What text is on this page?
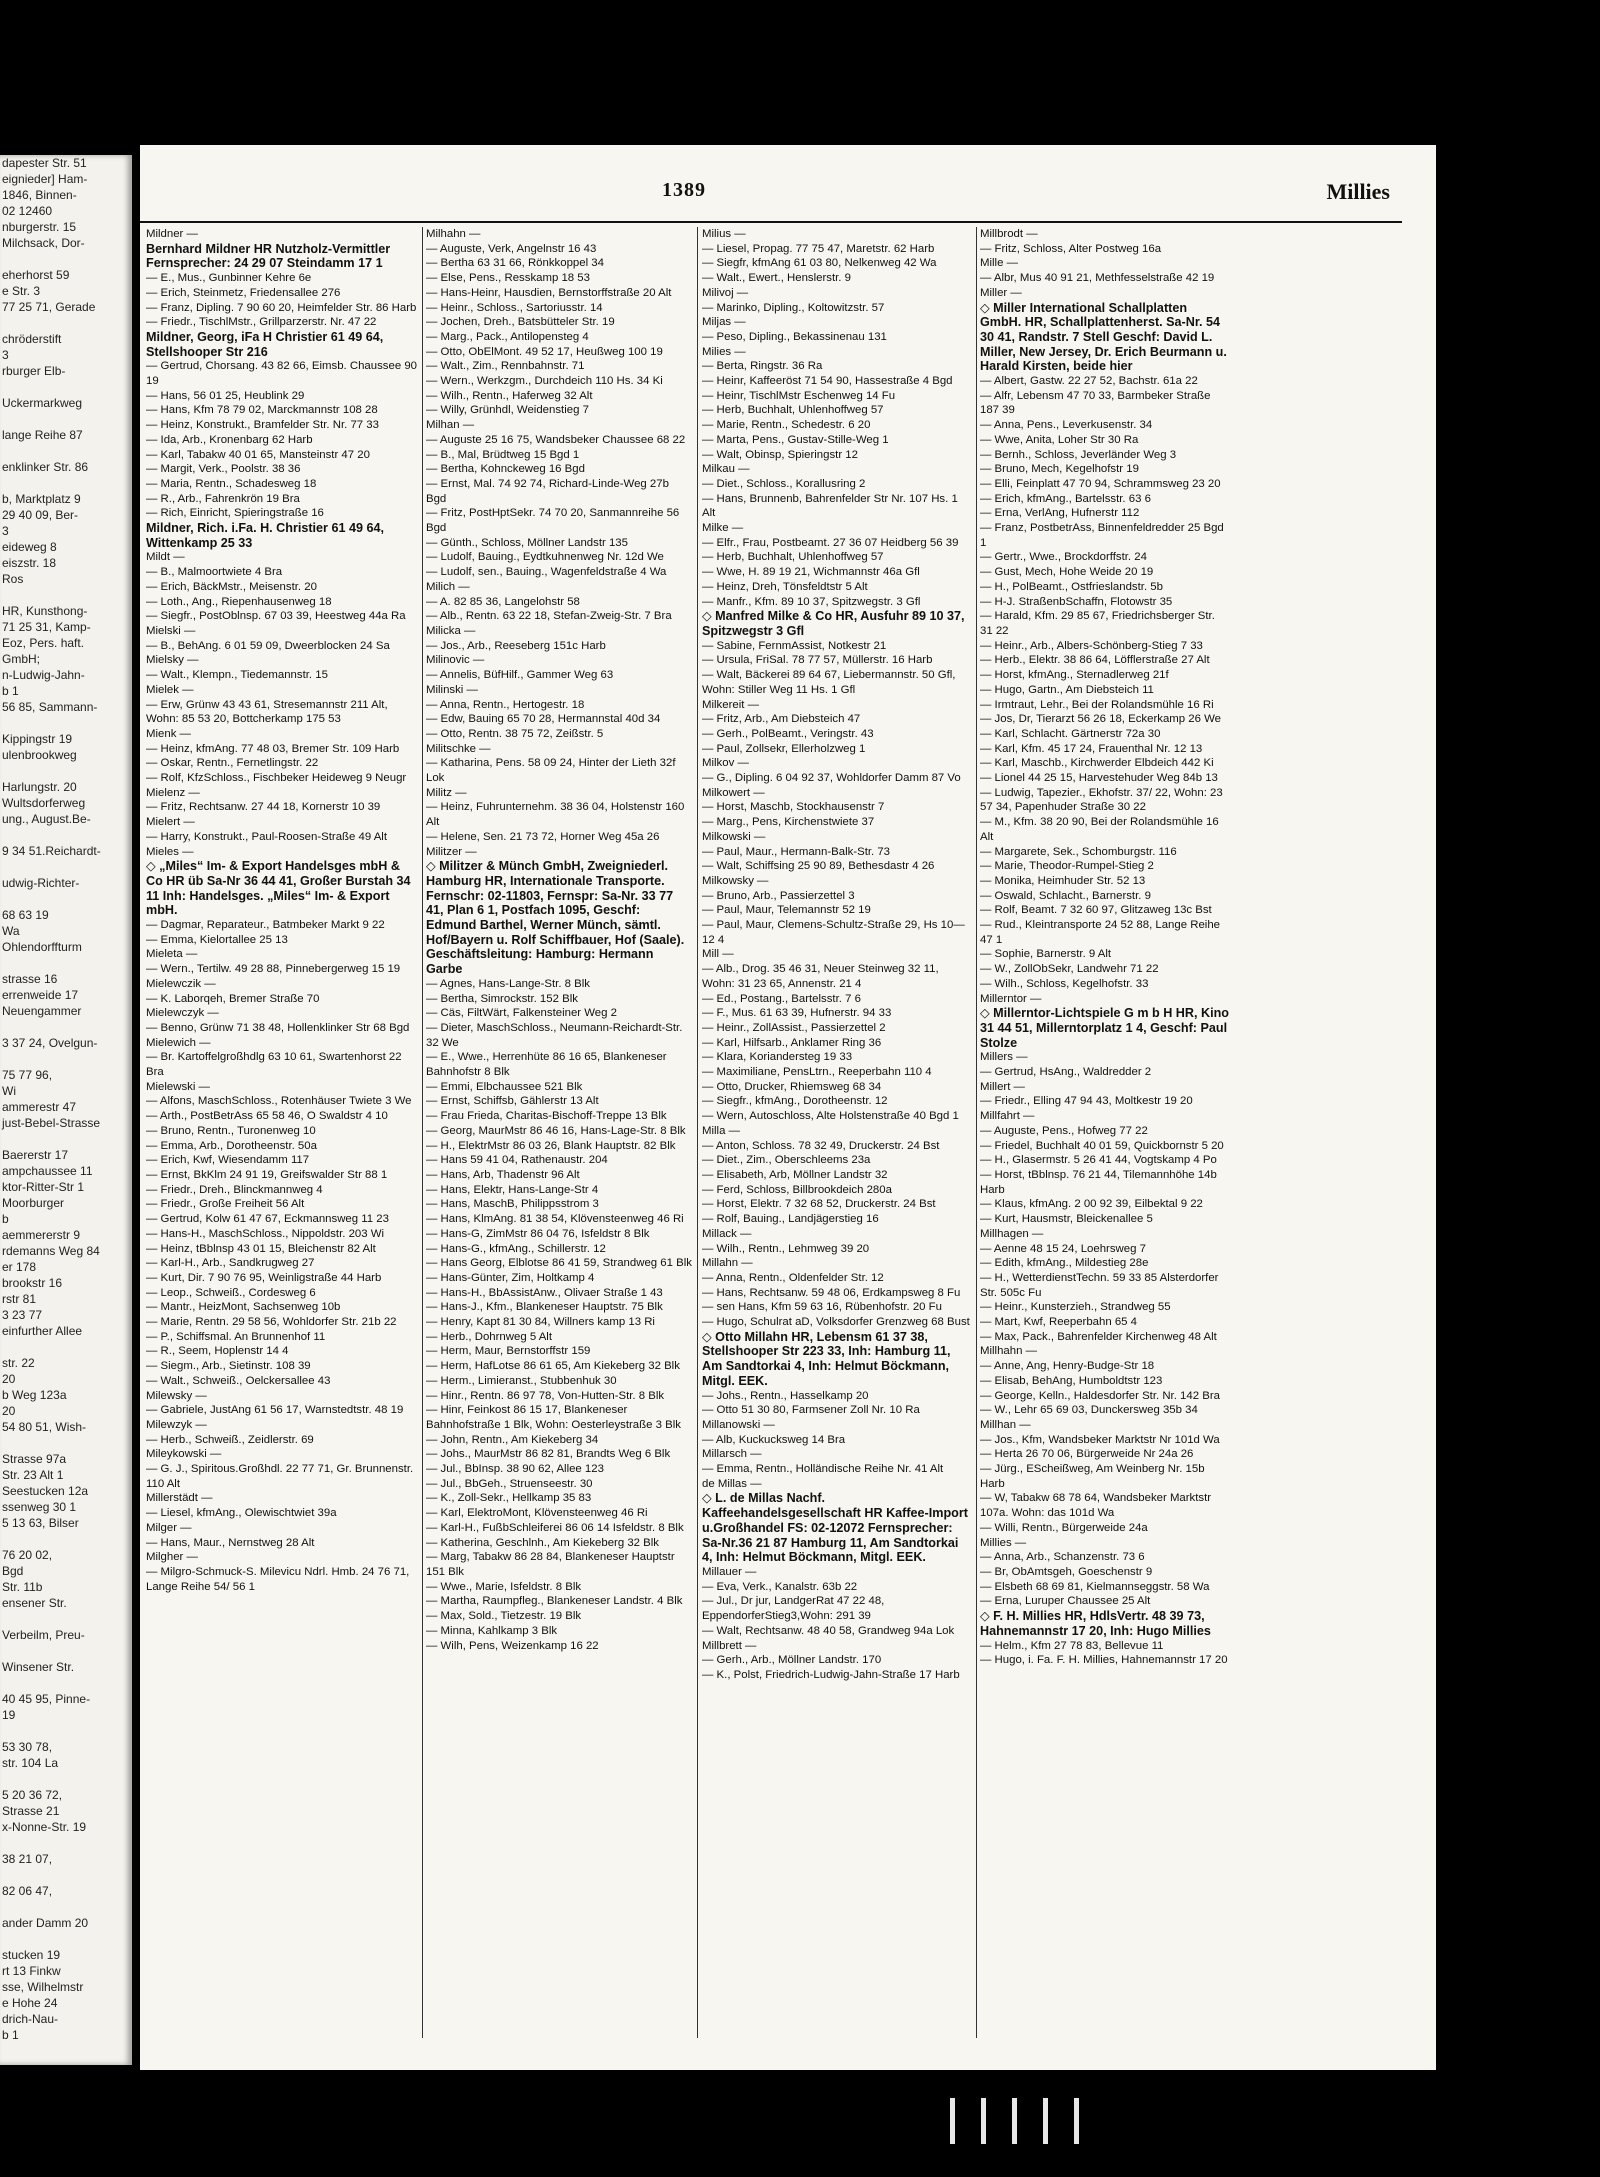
dapester Str. 51
eignieder] Ham-
1846, Binnen-
02 12460
nburgerstr. 15
Milchsack, Dor-

eherhorst 59
e Str. 3
77 25 71, Gerade

chröderstift
3
rburger Elb-

Uckermarkweg

lange Reihe 87

enklinker Str. 86

b, Marktplatz 9
29 40 09, Ber-
3
eideweg 8
eiszstr. 18
Ros

HR, Kunsthong-
71 25 31, Kamp-
Eoz, Pers. haft.
GmbH;
n-Ludwig-Jahn-
b 1
56 85, Sammann-

Kippingstr 19
ulenbrookweg

Harlungstr. 20
Wultsdorferweg
ung., August.Be-

9 34 51.Reichardt-

udwig-Richter-

68 63 19
Wa
Ohlendorffturm

strasse 16
errenweide 17
Neuengammer

3 37 24, Ovelgun-

75 77 96,
Wi
ammerestr 47
just-Bebel-Strasse

Baererstr 17
ampchaussee 11
ktor-Ritter-Str 1
Moorburger
b
aemmererstr 9
rdemanns Weg 84
er 178
brookstr 16
rstr 81
3 23 77
einfurther Allee

str. 22
20
b Weg 123a
20
54 80 51, Wish-

Strasse 97a
Str. 23 Alt 1
Seestucken 12a
ssenweg 30 1
5 13 63, Bilser

76 20 02,
Bgd
Str. 11b
ensener Str.

Verbeilm, Preu-

Winsener Str.

40 45 95, Pinne-
19

53 30 78,
str. 104 La

5 20 36 72,
Strasse 21
x-Nonne-Str. 19

38 21 07,

82 06 47,

ander Damm 20

stucken 19
rt 13 Finkw
sse, Wilhelmstr
e Hohe 24
drich-Nau-
b 1
1389	Millies
Mildner —
Bernhard Mildner HR Nutzholz-Vermittler Fernsprecher: 24 29 07 Steindamm 17 1
— E., Mus., Gunbinner Kehre 6e
— Erich, Steinmetz, Friedensallee 276
— Franz, Dipling. 7 90 60 20, Heimfelder Str. 86 Harb
— Friedr., TischlMstr., Grillparzerstr. Nr. 47 22
Mildner, Georg, iFa H Christier 61 49 64, Stellshooper Str 216
— Gertrud, Chorsang. 43 82 66, Eimsb. Chaussee 90 19
— Hans, 56 01 25, Heublink 29
— Hans, Kfm 78 79 02, Marckmannstr 108 28
— Heinz, Konstrukt., Bramfelder Str. Nr. 77 33
— Ida, Arb., Kronenbarg 62 Harb
— Karl, Tabakw 40 01 65, Mansteinstr 47 20
— Margit, Verk., Poolstr. 38 36
— Maria, Rentn., Schadesweg 18
— R., Arb., Fahrenkrön 19 Bra
— Rich, Einricht, Spieringstraße 16
Mildner, Rich. i.Fa. H. Christier 61 49 64, Wittenkamp 25 33
Mildt —
— B., Malmoortwiete 4 Bra
— Erich, BäckMstr., Meisenstr. 20
— Loth., Ang., Riepenhausenweg 18
— Siegfr., PostOblnsp. 67 03 39, Heestweg 44a Ra
Mielski —
— B., BehAng. 6 01 59 09, Dweerblocken 24 Sa
Mielsky —
— Walt., Klempn., Tiedemannstr. 15
Mielek —
— Erw, Grünw 43 43 61, Stresemannstr 211 Alt, Wohn: 85 53 20, Bottcherkamp 175 53
Mienk —
— Heinz, kfmAng. 77 48 03, Bremer Str. 109 Harb
— Oskar, Rentn., Fernetlingstr. 22
— Rolf, KfzSchloss., Fischbeker Heideweg 9 Neugr
Mielenz —
— Fritz, Rechtsanw. 27 44 18, Kornerstr 10 39
Mielert —
— Harry, Konstrukt., Paul-Roosen-Straße 49 Alt
Mieles —
◇ „Miles“ Im- & Export Handelsges mbH & Co HR üb Sa-Nr 36 44 41, Großer Burstah 34 11 Inh: Handelsges. „Miles“ Im- & Export mbH.
— Dagmar, Reparateur., Batmbeker Markt 9 22
— Emma, Kielortallee 25 13
Mieleta —
— Wern., Tertilw. 49 28 88, Pinnebergerweg 15 19
Mielewczik —
— K. Laborqeh, Bremer Straße 70
Mielewczyk —
— Benno, Grünw 71 38 48, Hollenklinker Str 68 Bgd
Mielewich —
— Br. Kartoffelgroßhdlg 63 10 61, Swartenhorst 22 Bra
Mielewski —
— Alfons, MaschSchloss., Rotenhäuser Twiete 3 We
— Arth., PostBetrAss 65 58 46, O Swaldstr 4 10
— Bruno, Rentn., Turonenweg 10
— Emma, Arb., Dorotheenstr. 50a
— Erich, Kwf, Wiesendamm 117
— Ernst, BkKlm 24 91 19, Greifswalder Str 88 1
— Friedr., Dreh., Blinckmannweg 4
— Friedr., Große Freiheit 56 Alt
— Gertrud, Kolw 61 47 67, Eckmannsweg 11 23
— Hans-H., MaschSchloss., Nippoldstr. 203 Wi
— Heinz, tBblnsp 43 01 15, Bleichenstr 82 Alt
— Karl-H., Arb., Sandkrugweg 27
— Kurt, Dir. 7 90 76 95, Weinligstraße 44 Harb
— Leop., Schweiß., Cordesweg 6
— Mantr., HeizMont, Sachsenweg 10b
— Marie, Rentn. 29 58 56, Wohldorfer Str. 21b 22
— P., Schiffsmal. An Brunnenhof 11
— R., Seem, Hoplenstr 14 4
— Siegm., Arb., Sietinstr. 108 39
— Walt., Schweiß., Oelckersallee 43
Milewsky —
— Gabriele, JustAng 61 56 17, Warnstedtstr. 48 19
Milewzyk —
— Herb., Schweiß., Zeidlerstr. 69
Mileykowski —
— G. J., Spiritous.Großhdl. 22 77 71, Gr. Brunnenstr. 110 Alt
Millerstädt —
— Liesel, kfmAng., Olewischtwiet 39a
Milger —
— Hans, Maur., Nernstweg 28 Alt
Milgher —
— Milgro-Schmuck-S. Milevicu Ndrl. Hmb. 24 76 71, Lange Reihe 54/ 56 1
Milhahn —
— Auguste, Verk, Angelnstr 16 43
— Bertha 63 31 66, Rönkkoppel 34
— Else, Pens., Resskamp 18 53
— Hans-Heinr, Hausdien, Bernstorffstraße 20 Alt
— Heinr., Schloss., Sartoriusstr. 14
— Jochen, Dreh., Batsbütteler Str. 19
— Marg., Pack., Antilopensteg 4
— Otto, ObElMont. 49 52 17, Heußweg 100 19
— Walt., Zim., Rennbahnstr. 71
— Wern., Werkzgm., Durchdeich 110 Hs. 34 Ki
— Wilh., Rentn., Haferweg 32 Alt
— Willy, Grünhdl, Weidenstieg 7
Milhan —
— Auguste 25 16 75, Wandsbeker Chaussee 68 22
— B., Mal, Brüdtweg 15 Bgd 1
— Bertha, Kohnckeweg 16 Bgd
— Ernst, Mal. 74 92 74, Richard-Linde-Weg 27b Bgd
— Fritz, PostHptSekr. 74 70 20, Sanmannreihe 56 Bgd
— Günth., Schloss, Möllner Landstr 135
— Ludolf, Bauing., Eydtkuhnenweg Nr. 12d We
— Ludolf, sen., Bauing., Wagenfeldstraße 4 Wa
Milich —
— A. 82 85 36, Langelohstr 58
— Alb., Rentn. 63 22 18, Stefan-Zweig-Str. 7 Bra
Milicka —
— Jos., Arb., Reeseberg 151c Harb
Milinovic —
— Annelis, BüfHilf., Gammer Weg 63
Milinski —
— Anna, Rentn., Hertogestr. 18
— Edw, Bauing 65 70 28, Hermannstal 40d 34
— Otto, Rentn. 38 75 72, Zeißstr. 5
Militschke —
— Katharina, Pens. 58 09 24, Hinter der Lieth 32f Lok
Militz —
— Heinz, Fuhrunternehm. 38 36 04, Holstenstr 160 Alt
— Helene, Sen. 21 73 72, Horner Weg 45a 26
Militzer —
◇ Militzer & Münch GmbH, Zweigniederl. Hamburg HR, Internationale Transporte. Fernschr: 02-11803, Fernspr: Sa-Nr. 33 77 41, Plan 6 1, Postfach 1095, Geschf: Edmund Barthel, Werner Münch, sämtl. Hof/Bayern u. Rolf Schiffbauer, Hof (Saale). Geschäftsleitung: Hamburg: Hermann Garbe
— Agnes, Hans-Lange-Str. 8 Blk
— Bertha, Simrockstr. 152 Blk
— Cäs, FiltWärt, Falkensteiner Weg 2
— Dieter, MaschSchloss., Neumann-Reichardt-Str. 32 We
— E., Wwe., Herrenhüte 86 16 65, Blankeneser Bahnhofstr 8 Blk
— Emmi, Elbchaussee 521 Blk
— Ernst, Schiffsb, Gählerstr 13 Alt
— Frau Frieda, Charitas-Bischoff-Treppe 13 Blk
— Georg, MaurMstr 86 46 16, Hans-Lage-Str. 8 Blk
— H., ElektrMstr 86 03 26, Blank Hauptstr. 82 Blk
— Hans 59 41 04, Rathenaustr. 204
— Hans, Arb, Thadenstr 96 Alt
— Hans, Elektr, Hans-Lange-Str 4
— Hans, MaschB, Philippsstrom 3
— Hans, KlmAng. 81 38 54, Klövensteenweg 46 Ri
— Hans-G, ZimMstr 86 04 76, Isfeldstr 8 Blk
— Hans-G., kfmAng., Schillerstr. 12
— Hans Georg, Elblotse 86 41 59, Strandweg 61 Blk
— Hans-Günter, Zim, Holtkamp 4
— Hans-H., BbAssistAnw., Olivaer Straße 1 43
— Hans-J., Kfm., Blankeneser Hauptstr. 75 Blk
— Henry, Kapt 81 30 84, Willners kamp 13 Ri
— Herb., Dohrnweg 5 Alt
— Herm, Maur, Bernstorffstr 159
— Herm, HafLotse 86 61 65, Am Kiekeberg 32 Blk
— Herm., Limieranst., Stubbenhuk 30
— Hinr., Rentn. 86 97 78, Von-Hutten-Str. 8 Blk
— Hinr, Feinkost 86 15 17, Blankeneser Bahnhofstraße 1 Blk, Wohn: Oesterleystraße 3 Blk
— John, Rentn., Am Kiekeberg 34
— Johs., MaurMstr 86 82 81, Brandts Weg 6 Blk
— Jul., BbInsp. 38 90 62, Allee 123
— Jul., BbGeh., Struenseestr. 30
— K., Zoll-Sekr., Hellkamp 35 83
— Karl, ElektroMont, Klövensteenweg 46 Ri
— Karl-H., FußbSchleiferei 86 06 14 Isfeldstr. 8 Blk
— Katherina, Geschlnh., Am Kiekeberg 32 Blk
— Marg, Tabakw 86 28 84, Blankeneser Hauptstr 151 Blk
— Wwe., Marie, Isfeldstr. 8 Blk
— Martha, Raumpfleg., Blankeneser Landstr. 4 Blk
— Max, Sold., Tietzestr. 19 Blk
— Minna, Kahlkamp 3 Blk
— Wilh, Pens, Weizenkamp 16 22
Milius —
— Liesel, Propag. 77 75 47, Maretstr. 62 Harb
— Siegfr, kfmAng 61 03 80, Nelkenweg 42 Wa
— Walt., Ewert., Henslerstr. 9
Milivoj —
— Marinko, Dipling., Koltowitzstr. 57
Miljas —
— Peso, Dipling., Bekassinenau 131
Milies —
— Berta, Ringstr. 36 Ra
— Heinr, Kaffeeröst 71 54 90, Hassestraße 4 Bgd
— Heinr, TischlMstr Eschenweg 14 Fu
— Herb, Buchhalt, Uhlenhoffweg 57
— Marie, Rentn., Schedestr. 6 20
— Marta, Pens., Gustav-Stille-Weg 1
— Walt, Obinsp, Spieringstr 12
Milkau —
— Diet., Schloss., Korallusring 2
— Hans, Brunnenb, Bahrenfelder Str Nr. 107 Hs. 1 Alt
Milke —
— Elfr., Frau, Postbeamt. 27 36 07 Heidberg 56 39
— Herb, Buchhalt, Uhlenhoffweg 57
— Wwe, H. 89 19 21, Wichmannstr 46a Gfl
— Heinz, Dreh, Tönsfeldtstr 5 Alt
— Manfr., Kfm. 89 10 37, Spitzwegstr. 3 Gfl
◇ Manfred Milke & Co HR, Ausfuhr 89 10 37, Spitzwegstr 3 Gfl
— Sabine, FernmAssist, Notkestr 21
— Ursula, FriSal. 78 77 57, Müllerstr. 16 Harb
— Walt, Bäckerei 89 64 67, Liebermannstr. 50 Gfl, Wohn: Stiller Weg 11 Hs. 1 Gfl
Milkereit —
— Fritz, Arb., Am Diebsteich 47
— Gerh., PolBeamt., Veringstr. 43
— Paul, Zollsekr, Ellerholzweg 1
Milkov —
— G., Dipling. 6 04 92 37, Wohldorfer Damm 87 Vo
Milkowert —
— Horst, Maschb, Stockhausenstr 7
— Marg., Pens, Kirchenstwiete 37
Milkowski —
— Paul, Maur., Hermann-Balk-Str. 73
— Walt, Schiffsing 25 90 89, Bethesdastr 4 26
Milkowsky —
— Bruno, Arb., Passierzettel 3
— Paul, Maur, Telemannstr 52 19
— Paul, Maur, Clemens-Schultz-Straße 29, Hs 10—12 4
Mill —
— Alb., Drog. 35 46 31, Neuer Steinweg 32 11, Wohn: 31 23 65, Annenstr. 21 4
— Ed., Postang., Bartelsstr. 7 6
— F., Mus. 61 63 39, Hufnerstr. 94 33
— Heinr., ZollAssist., Passierzettel 2
— Karl, Hilfsarb., Anklamer Ring 36
— Klara, Koriandersteg 19 33
— Maximiliane, PensLtrn., Reeperbahn 110 4
— Otto, Drucker, Rhiemsweg 68 34
— Siegfr., kfmAng., Dorotheenstr. 12
— Wern, Autoschloss, Alte Holstenstraße 40 Bgd 1
Milla —
— Anton, Schloss. 78 32 49, Druckerstr. 24 Bst
— Diet., Zim., Oberschleems 23a
— Elisabeth, Arb, Möllner Landstr 32
— Ferd, Schloss, Billbrookdeich 280a
— Horst, Elektr. 7 32 68 52, Druckerstr. 24 Bst
— Rolf, Bauing., Landjägerstieg 16
Millack —
— Wilh., Rentn., Lehmweg 39 20
Millahn —
— Anna, Rentn., Oldenfelder Str. 12
— Hans, Rechtsanw. 59 48 06, Erdkampsweg 8 Fu
— sen Hans, Kfm 59 63 16, Rübenhofstr. 20 Fu
— Hugo, Schulrat aD, Volksdorfer Grenzweg 68 Bust
◇ Otto Millahn HR, Lebensm 61 37 38, Stellshooper Str 223 33, Inh: Hamburg 11, Am Sandtorkai 4, Inh: Helmut Böckmann, Mitgl. EEK.
— Johs., Rentn., Hasselkamp 20
— Otto 51 30 80, Farmsener Zoll Nr. 10 Ra
Millanowski —
— Alb, Kuckucksweg 14 Bra
Millarsch —
— Emma, Rentn., Holländische Reihe Nr. 41 Alt
de Millas —
◇ L. de Millas Nachf. Kaffeehandelsgesellschaft HR Kaffee-Import u.Großhandel FS: 02-12072 Fernsprecher: Sa-Nr.36 21 87 Hamburg 11, Am Sandtorkai 4, Inh: Helmut Böckmann, Mitgl. EEK.
Millauer —
— Eva, Verk., Kanalstr. 63b 22
— Jul., Dr jur, LandgerRat 47 22 48, EppendorferStieg3,Wohn: 291 39
— Walt, Rechtsanw. 48 40 58, Grandweg 94a Lok
Millbrett —
— Gerh., Arb., Möllner Landstr. 170
— K., Polst, Friedrich-Ludwig-Jahn-Straße 17 Harb
Millbrodt —
— Fritz, Schloss, Alter Postweg 16a
Mille —
— Albr, Mus 40 91 21, Methfesselstraße 42 19
Miller —
◇ Miller International Schallplatten GmbH. HR, Schallplattenherst. Sa-Nr. 54 30 41, Randstr. 7 Stell Geschf: David L. Miller, New Jersey, Dr. Erich Beurmann u. Harald Kirsten, beide hier
— Albert, Gastw. 22 27 52, Bachstr. 61a 22
— Alfr, Lebensm 47 70 33, Barmbeker Straße 187 39
— Anna, Pens., Leverkusenstr. 34
— Wwe, Anita, Loher Str 30 Ra
— Bernh., Schloss, Jeverländer Weg 3
— Bruno, Mech, Kegelhofstr 19
— Elli, Feinplatt 47 70 94, Schrammsweg 23 20
— Erich, kfmAng., Bartelsstr. 63 6
— Erna, VerlAng, Hufnerstr 112
— Franz, PostbetrAss, Binnenfeldredder 25 Bgd 1
— Gertr., Wwe., Brockdorffstr. 24
— Gust, Mech, Hohe Weide 20 19
— H., PolBeamt., Ostfrieslandstr. 5b
— H-J. StraßenbSchaffn, Flotowstr 35
— Harald, Kfm. 29 85 67, Friedrichsberger Str. 31 22
— Heinr., Arb., Albers-Schönberg-Stieg 7 33
— Herb., Elektr. 38 86 64, Löfflerstraße 27 Alt
— Horst, kfmAng., Sternadlerweg 21f
— Hugo, Gartn., Am Diebsteich 11
— Irmtraut, Lehr., Bei der Rolandsmühle 16 Ri
— Jos, Dr, Tierarzt 56 26 18, Eckerkamp 26 We
— Karl, Schlacht. Gärtnerstr 72a 30
— Karl, Kfm. 45 17 24, Frauenthal Nr. 12 13
— Karl, Maschb., Kirchwerder Elbdeich 442 Ki
— Lionel 44 25 15, Harvestehuder Weg 84b 13
— Ludwig, Tapezier., Ekhofstr. 37/ 22, Wohn: 23 57 34, Papenhuder Straße 30 22
— M., Kfm. 38 20 90, Bei der Rolandsmühle 16 Alt
— Margarete, Sek., Schomburgstr. 116
— Marie, Theodor-Rumpel-Stieg 2
— Monika, Heimhuder Str. 52 13
— Oswald, Schlacht., Barnerstr. 9
— Rolf, Beamt. 7 32 60 97, Glitzaweg 13c Bst
— Rud., Kleintransporte 24 52 88, Lange Reihe 47 1
— Sophie, Barnerstr. 9 Alt
— W., ZollObSekr, Landwehr 71 22
— Wilh., Schloss, Kegelhofstr. 33
Millerntor —
◇ Millerntor-Lichtspiele G m b H HR, Kino 31 44 51, Millerntorplatz 1 4, Geschf: Paul Stolze
Millers —
— Gertrud, HsAng., Waldredder 2
Millert —
— Friedr., Elling 47 94 43, Moltkestr 19 20
Millfahrt —
— Auguste, Pens., Hofweg 77 22
— Friedel, Buchhalt 40 01 59, Quickbornstr 5 20
— H., Glasermstr. 5 26 41 44, Vogtskamp 4 Po
— Horst, tBblnsp. 76 21 44, Tilemannhöhe 14b Harb
— Klaus, kfmAng. 2 00 92 39, Eilbektal 9 22
— Kurt, Hausmstr, Bleickenallee 5
Millhagen —
— Aenne 48 15 24, Loehrsweg 7
— Edith, kfmAng., Mildestieg 28e
— H., WetterdienstTechn. 59 33 85 Alsterdorfer Str. 505c Fu
— Heinr., Kunsterzieh., Strandweg 55
— Mart, Kwf, Reeperbahn 65 4
— Max, Pack., Bahrenfelder Kirchenweg 48 Alt
Millhahn —
— Anne, Ang, Henry-Budge-Str 18
— Elisab, BehAng, Humboldtstr 123
— George, Kelln., Haldesdorfer Str. Nr. 142 Bra
— W., Lehr 65 69 03, Dunckersweg 35b 34
Millhan —
— Jos., Kfm, Wandsbeker Marktstr Nr 101d Wa
— Herta 26 70 06, Bürgerweide Nr 24a 26
— Jürg., EScheißweg, Am Weinberg Nr. 15b Harb
— W, Tabakw 68 78 64, Wandsbeker Marktstr 107a. Wohn: das 101d Wa
— Willi, Rentn., Bürgerweide 24a
Millies —
— Anna, Arb., Schanzenstr. 73 6
— Br, ObAmtsgeh, Goeschenstr 9
— Elsbeth 68 69 81, Kielmannseggstr. 58 Wa
— Erna, Luruper Chaussee 25 Alt
◇ F. H. Millies HR, HdlsVertr. 48 39 73, Hahnemannstr 17 20, Inh: Hugo Millies
— Helm., Kfm 27 78 83, Bellevue 11
— Hugo, i. Fa. F. H. Millies, Hahnemannstr 17 20
